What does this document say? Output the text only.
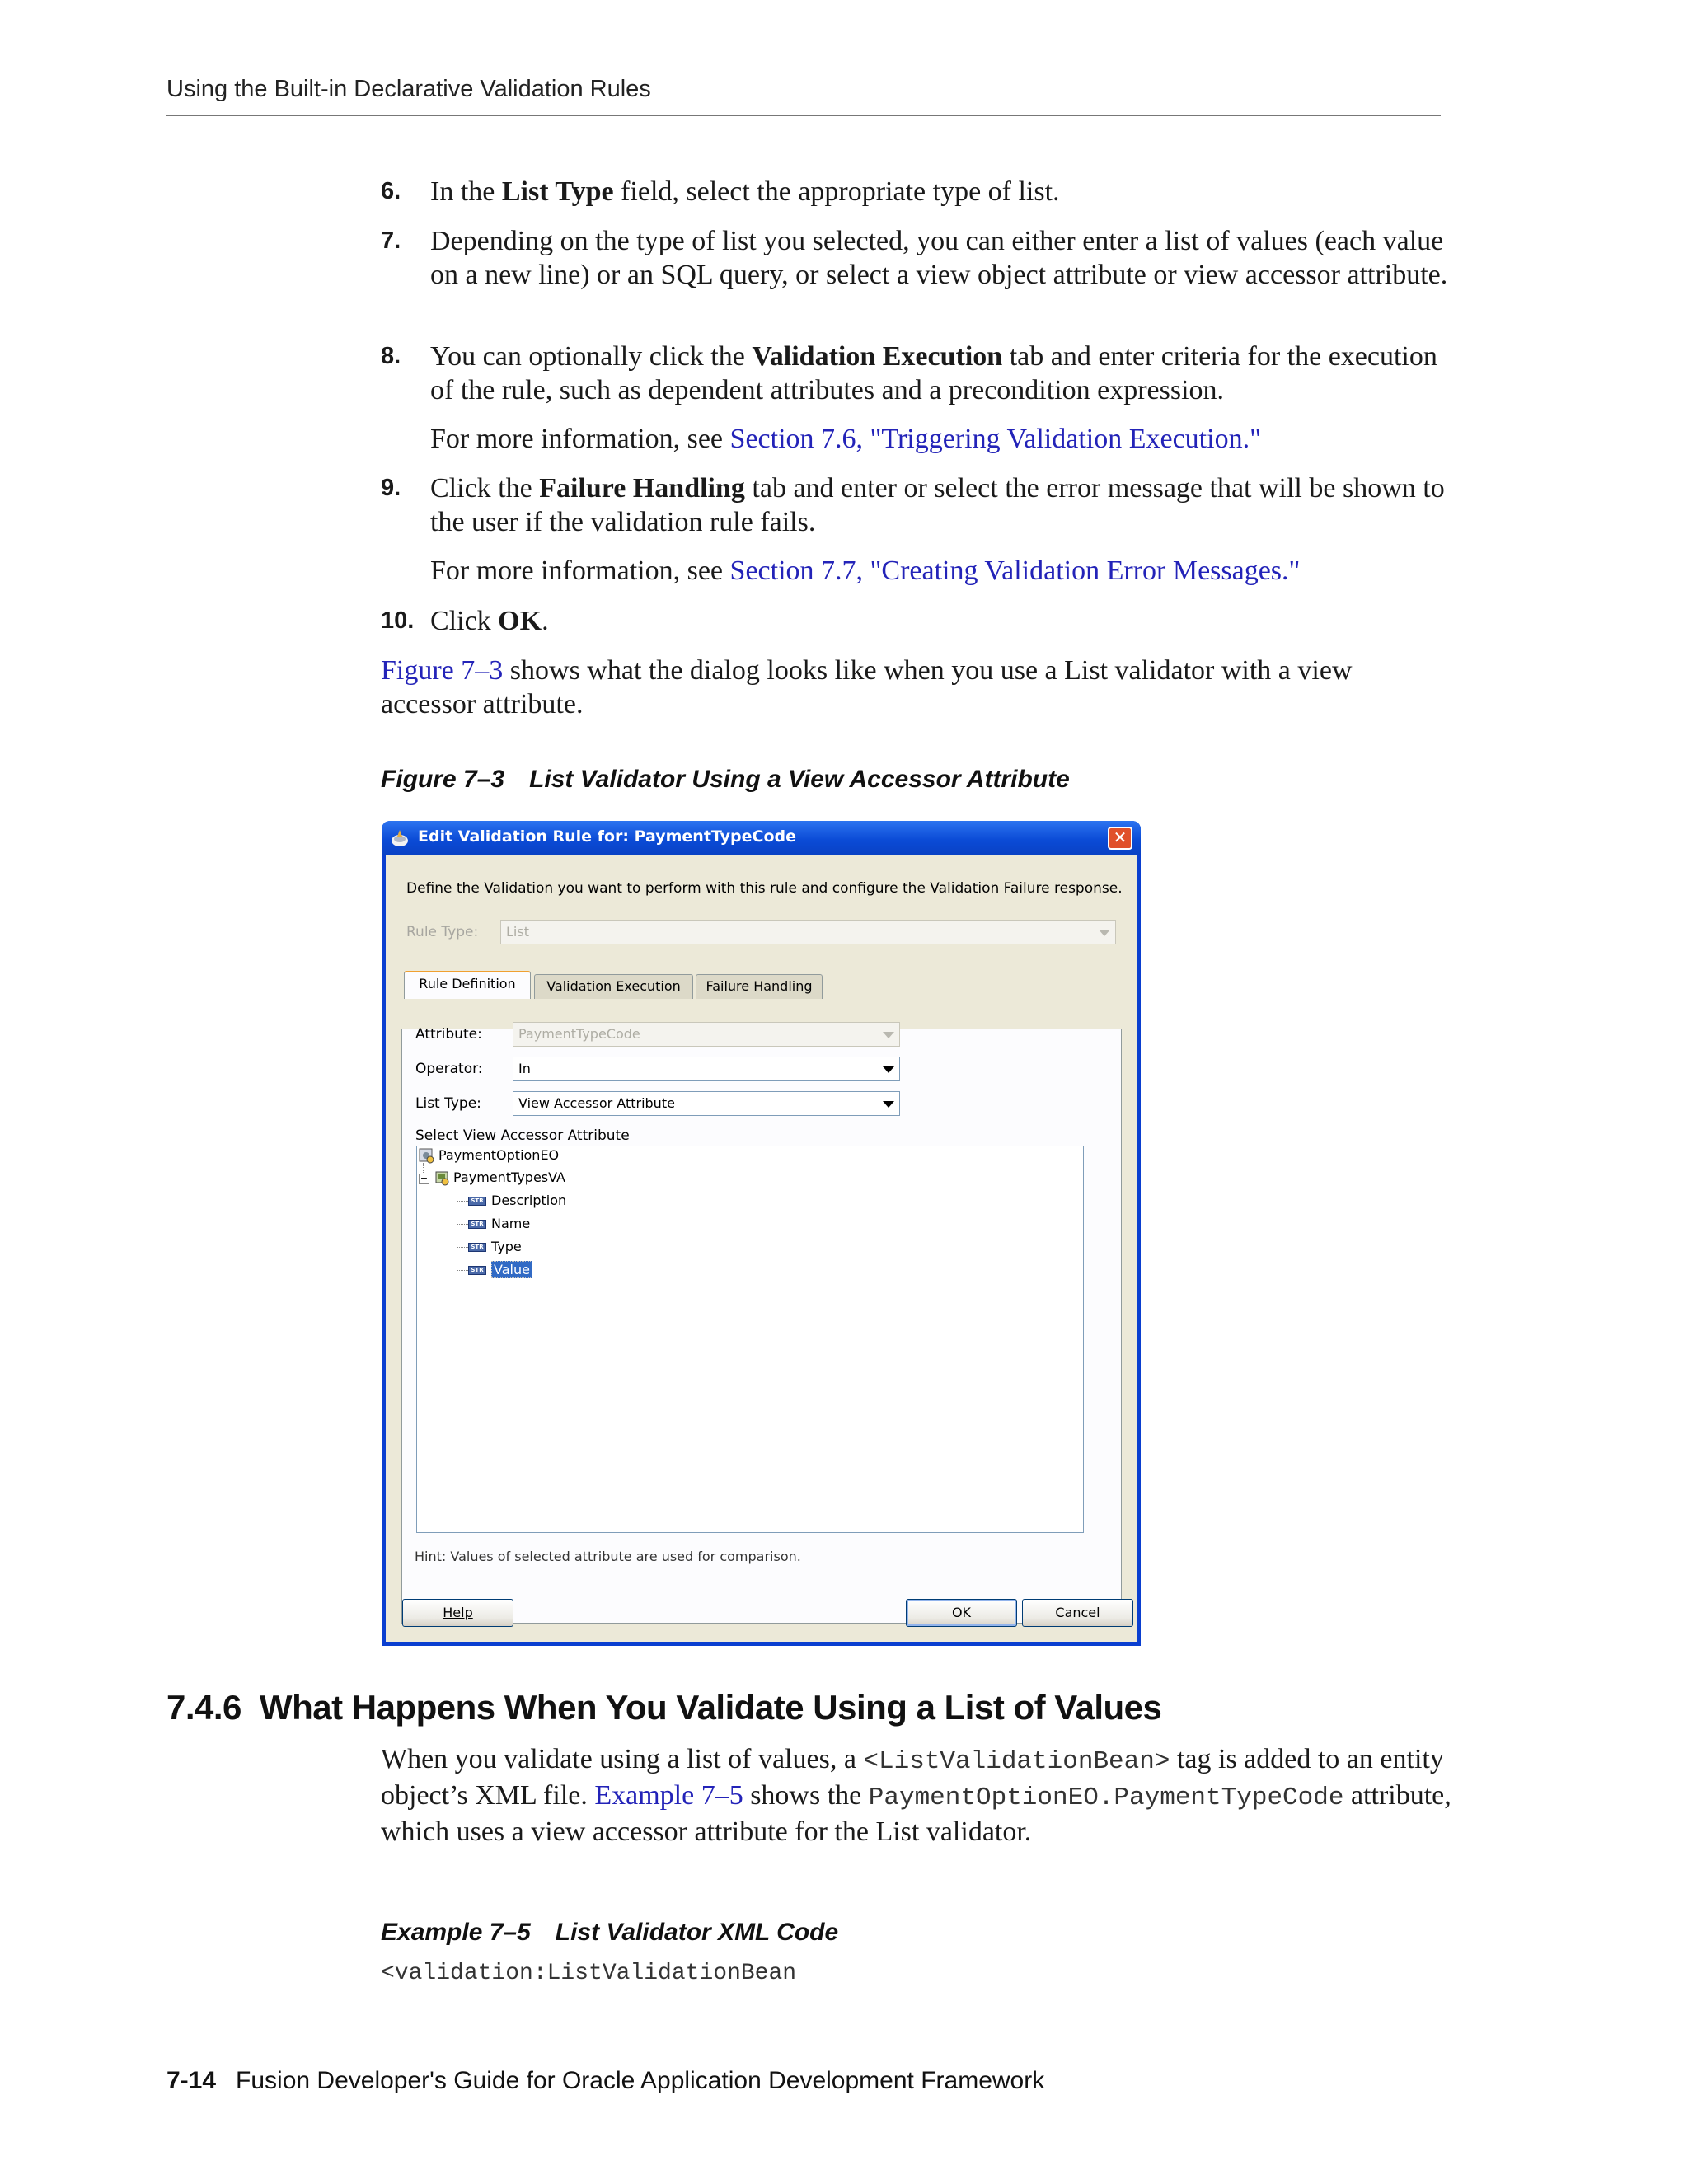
Using the Built-in Declarative Validation Rules
6. In the List Type field, select the appropriate type of list.
7. Depending on the type of list you selected, you can either enter a list of values (each value on a new line) or an SQL query, or select a view object attribute or view accessor attribute.
8. You can optionally click the Validation Execution tab and enter criteria for the execution of the rule, such as dependent attributes and a precondition expression.
For more information, see Section 7.6, "Triggering Validation Execution."
9. Click the Failure Handling tab and enter or select the error message that will be shown to the user if the validation rule fails.
For more information, see Section 7.7, "Creating Validation Error Messages."
10. Click OK.
Figure 7–3 shows what the dialog looks like when you use a List validator with a view accessor attribute.
Figure 7–3 List Validator Using a View Accessor Attribute
Edit Validation Rule for: PaymentTypeCode	✕
Define the Validation you want to perform with this rule and configure the Validation Failure response.
Rule Type:	List
Rule Definition	Validation Execution	Failure Handling
Attribute:	PaymentTypeCode
Operator:	In
List Type:	View Accessor Attribute
Select View Accessor Attribute
PaymentOptionEO
−	PaymentTypesVA
STR Description
STR Name
STR Type
STR Value
Hint: Values of selected attribute are used for comparison.
Help	OK	Cancel
7.4.6 What Happens When You Validate Using a List of Values
When you validate using a list of values, a <ListValidationBean> tag is added to an entity object’s XML file. Example 7–5 shows the PaymentOptionEO.PaymentTypeCode attribute, which uses a view accessor attribute for the List validator.
Example 7–5 List Validator XML Code
<validation:ListValidationBean
7-14 Fusion Developer's Guide for Oracle Application Development Framework
